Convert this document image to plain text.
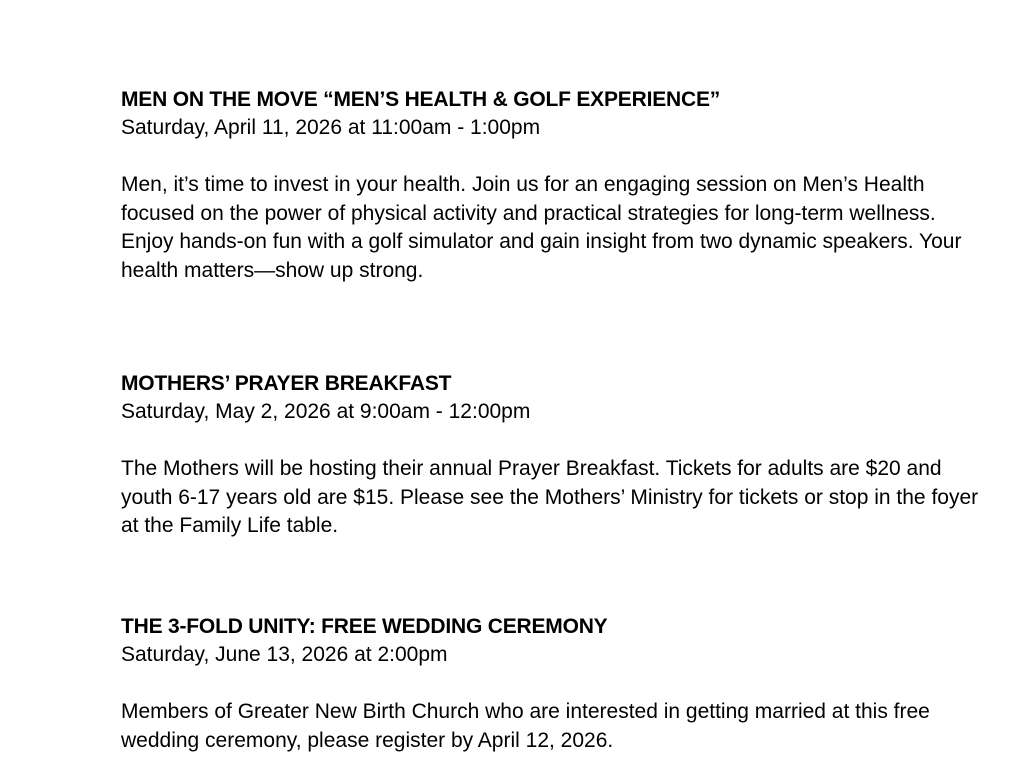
MEN ON THE MOVE “MEN’S HEALTH & GOLF EXPERIENCE”

Saturday, April 11, 2026 at 11:00am - 1:00pm

Men, it’s time to invest in your health. Join us for an engaging session on Men’s Health focused on the power of physical activity and practical strategies for long-term wellness. Enjoy hands-on fun with a golf simulator and gain insight from two dynamic speakers. Your health matters—show up strong.

MOTHERS’ PRAYER BREAKFAST

Saturday, May 2, 2026 at 9:00am - 12:00pm

The Mothers will be hosting their annual Prayer Breakfast. Tickets for adults are $20 and youth 6-17 years old are $15. Please see the Mothers’ Ministry for tickets or stop in the foyer at the Family Life table.

THE 3-FOLD UNITY: FREE WEDDING CEREMONY

Saturday, June 13, 2026 at 2:00pm

Members of Greater New Birth Church who are interested in getting married at this free wedding ceremony, please register by April 12, 2026.
